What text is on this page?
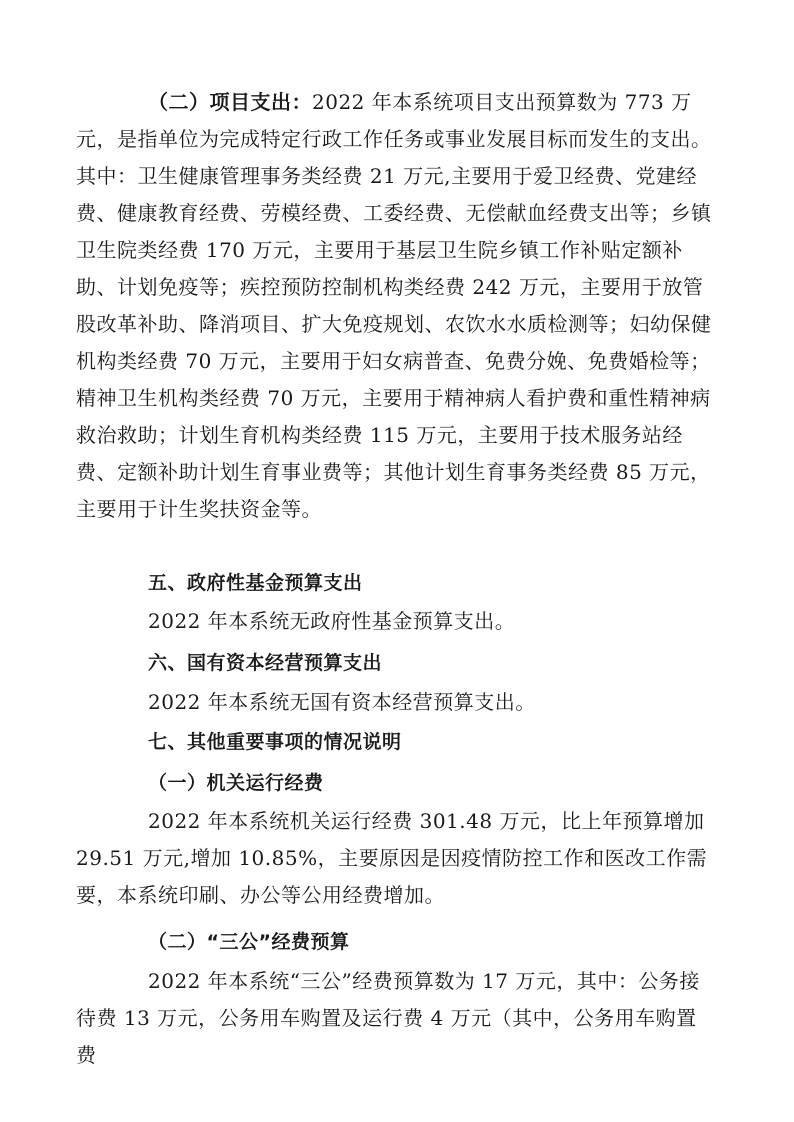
（二）项目支出：2022 年本系统项目支出预算数为 773 万元，是指单位为完成特定行政工作任务或事业发展目标而发生的支出。其中：卫生健康管理事务类经费 21 万元,主要用于爱卫经费、党建经费、健康教育经费、劳模经费、工委经费、无偿献血经费支出等；乡镇卫生院类经费 170 万元，主要用于基层卫生院乡镇工作补贴定额补助、计划免疫等；疾控预防控制机构类经费 242 万元，主要用于放管股改革补助、降消项目、扩大免疫规划、农饮水水质检测等；妇幼保健机构类经费 70 万元，主要用于妇女病普查、免费分娩、免费婚检等；精神卫生机构类经费 70 万元，主要用于精神病人看护费和重性精神病救治救助；计划生育机构类经费 115 万元，主要用于技术服务站经费、定额补助计划生育事业费等；其他计划生育事务类经费 85 万元，主要用于计生奖扶资金等。

五、政府性基金预算支出

2022 年本系统无政府性基金预算支出。

六、国有资本经营预算支出

2022 年本系统无国有资本经营预算支出。

七、其他重要事项的情况说明

（一）机关运行经费

2022 年本系统机关运行经费 301.48 万元，比上年预算增加 29.51 万元,增加 10.85%，主要原因是因疫情防控工作和医改工作需要，本系统印刷、办公等公用经费增加。

（二）“三公”经费预算

2022 年本系统“三公”经费预算数为 17 万元，其中：公务接待费 13 万元，公务用车购置及运行费 4 万元（其中，公务用车购置费
